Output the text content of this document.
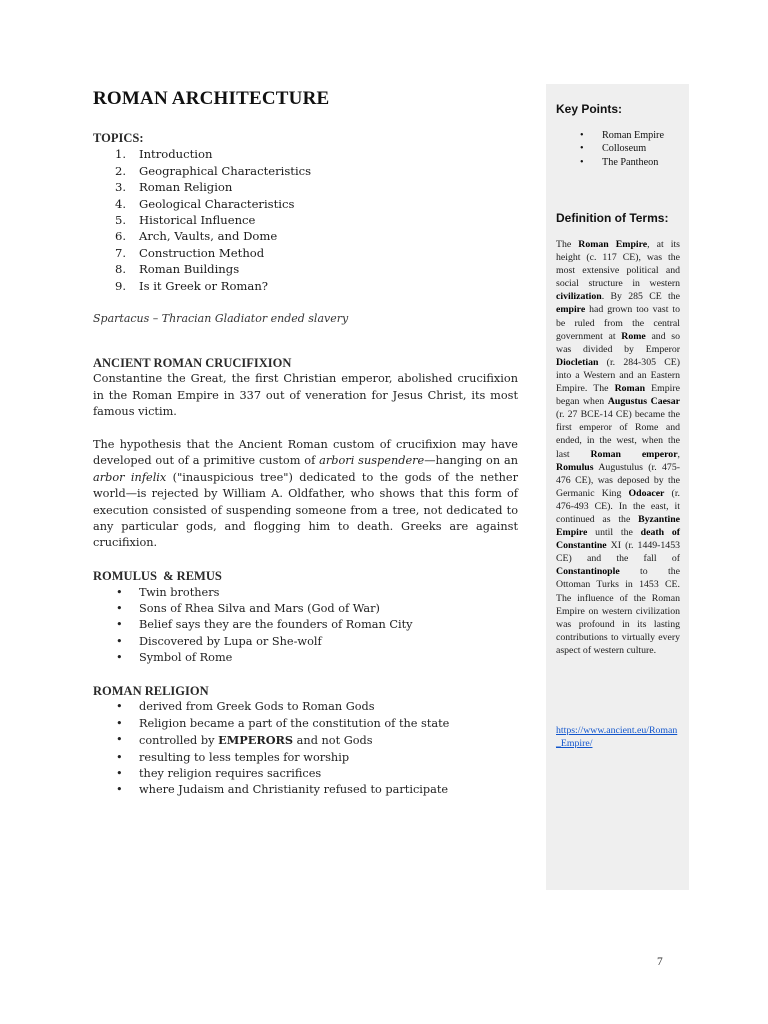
ROMAN ARCHITECTURE

TOPICS:

1. Introduction
2. Geographical Characteristics
3. Roman Religion
4. Geological Characteristics
5. Historical Influence
6. Arch, Vaults, and Dome
7. Construction Method
8. Roman Buildings
9. Is it Greek or Roman?

Spartacus – Thracian Gladiator ended slavery

ANCIENT ROMAN CRUCIFIXION

Constantine the Great, the first Christian emperor, abolished crucifixion in the Roman Empire in 337 out of veneration for Jesus Christ, its most famous victim.

The hypothesis that the Ancient Roman custom of crucifixion may have developed out of a primitive custom of arbori suspendere—hanging on an arbor infelix ("inauspicious tree") dedicated to the gods of the nether world—is rejected by William A. Oldfather, who shows that this form of execution consisted of suspending someone from a tree, not dedicated to any particular gods, and flogging him to death. Greeks are against crucifixion.

ROMULUS  & REMUS

• Twin brothers
• Sons of Rhea Silva and Mars (God of War)
• Belief says they are the founders of Roman City
• Discovered by Lupa or She-wolf
• Symbol of Rome

ROMAN RELIGION

• derived from Greek Gods to Roman Gods
• Religion became a part of the constitution of the state
• controlled by EMPERORS and not Gods
• resulting to less temples for worship
• they religion requires sacrifices
• where Judaism and Christianity refused to participate

Key Points:

• Roman Empire
• Colloseum
• The Pantheon

Definition of Terms:

The Roman Empire, at its height (c. 117 CE), was the most extensive political and social structure in western civilization. By 285 CE the empire had grown too vast to be ruled from the central government at Rome and so was divided by Emperor Diocletian (r. 284-305 CE) into a Western and an Eastern Empire. The Roman Empire began when Augustus Caesar (r. 27 BCE-14 CE) became the first emperor of Rome and ended, in the west, when the last Roman emperor, Romulus Augustulus (r. 475-476 CE), was deposed by the Germanic King Odoacer (r. 476-493 CE). In the east, it continued as the Byzantine Empire until the death of Constantine XI (r. 1449-1453 CE) and the fall of Constantinople to the Ottoman Turks in 1453 CE. The influence of the Roman Empire on western civilization was profound in its lasting contributions to virtually every aspect of western culture.

https://www.ancient.eu/Roman_Empire/
7
